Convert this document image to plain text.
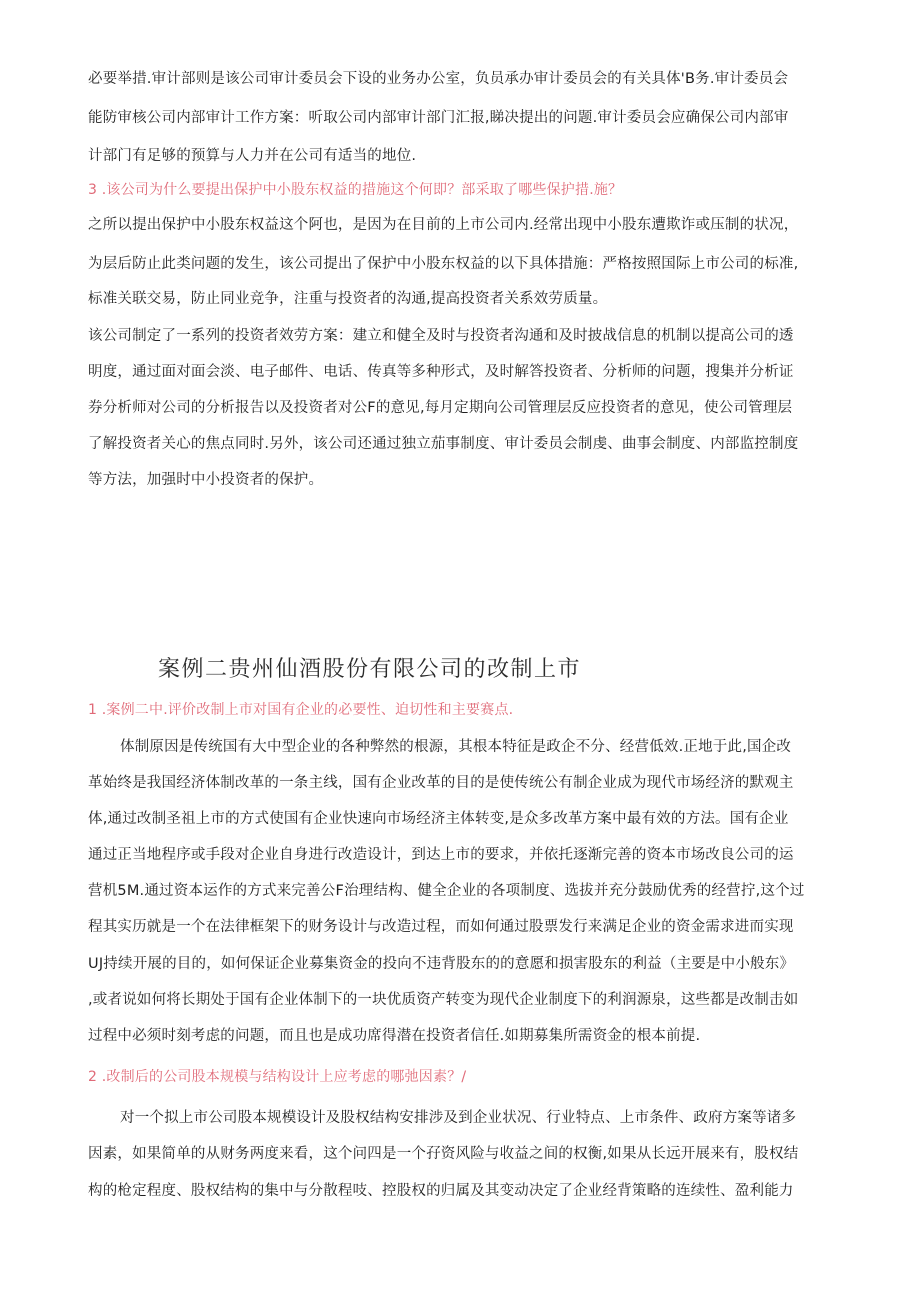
必要举措.审计部则是该公司审计委员会下设的业务办公室，负员承办审计委员会的有关具体'B务.审计委员会
能防审核公司内部审计工作方案：听取公司内部审计部门汇报,睇决提出的问题.审计委员会应确保公司内部审
计部门有足够的预算与人力并在公司有适当的地位.
3 .该公司为什么要提出保护中小股东权益的措施这个何即？部采取了哪些保护措.施？
之所以提出保护中小股东权益这个阿也，是因为在目前的上市公司内.经常出现中小股东遭欺诈或压制的状况，
为层后防止此类问题的发生，该公司提出了保护中小股东权益的以下具体措施：严格按照国际上市公司的标准,
标准关联交易，防止同业竞争，注重与投资者的沟通,提高投资者关系效劳质量。
该公司制定了一系列的投资者效劳方案：建立和健全及时与投资者沟通和及时披战信息的机制以提高公司的透
明度，通过面对面会淡、电子邮件、电话、传真等多种形式，及时解答投资者、分析师的问题，搜集并分析证
券分析师对公司的分析报告以及投资者对公F的意见,每月定期向公司管理层反应投资者的意见，使公司管理层
了解投资者关心的焦点同时.另外，该公司还通过独立茄事制度、审计委员会制虔、曲事会制度、内部监控制度
等方法，加强时中小投资者的保护。
案例二贵州仙酒股份有限公司的改制上市
1 .案例二中.评价改制上市对国有企业的必要性、迫切性和主要赛点.
体制原因是传统国有大中型企业的各种弊然的根源，其根本特征是政企不分、经营低效.正地于此,国企改
革始终是我国经济体制改革的一条主线，国有企业改革的目的是使传统公有制企业成为现代市场经济的默观主
体,通过改制圣祖上市的方式使国有企业快速向市场经济主体转变,是众多改革方案中最有效的方法。国有企业
通过正当地程序或手段对企业自身进行改造设计，到达上市的要求，并依托逐渐完善的资本市场改良公司的运
营机5M.通过资本运作的方式来完善公F治理结构、健全企业的各项制度、选拔并充分鼓励优秀的经营拧,这个过
程其实历就是一个在法律框架下的财务设计与改造过程，而如何通过股票发行来满足企业的资金需求进而实现
UJ持续开展的目的，如何保证企业募集资金的投向不违背股东的的意愿和损害股东的利益（主要是中小般东》
,或者说如何将长期处于国有企业体制下的一块优质资产转变为现代企业制度下的利润源泉，这些都是改制击如
过程中必须时刻考虑的问题，而且也是成功席得潜在投资者信任.如期募集所需资金的根本前提.
2 .改制后的公司股本规模与结构设计上应考虑的哪弛因素？/
对一个拟上市公司股本规模设计及股权结构安排涉及到企业状况、行业特点、上市条件、政府方案等诸多
因素，如果简单的从财务两度来看，这个问四是一个孖资风险与收益之间的权衡,如果从长远开展来有，股权结
构的枪定程度、股权结构的集中与分散程吱、控股权的归属及其变动决定了企业经背策略的连续性、盈利能力
